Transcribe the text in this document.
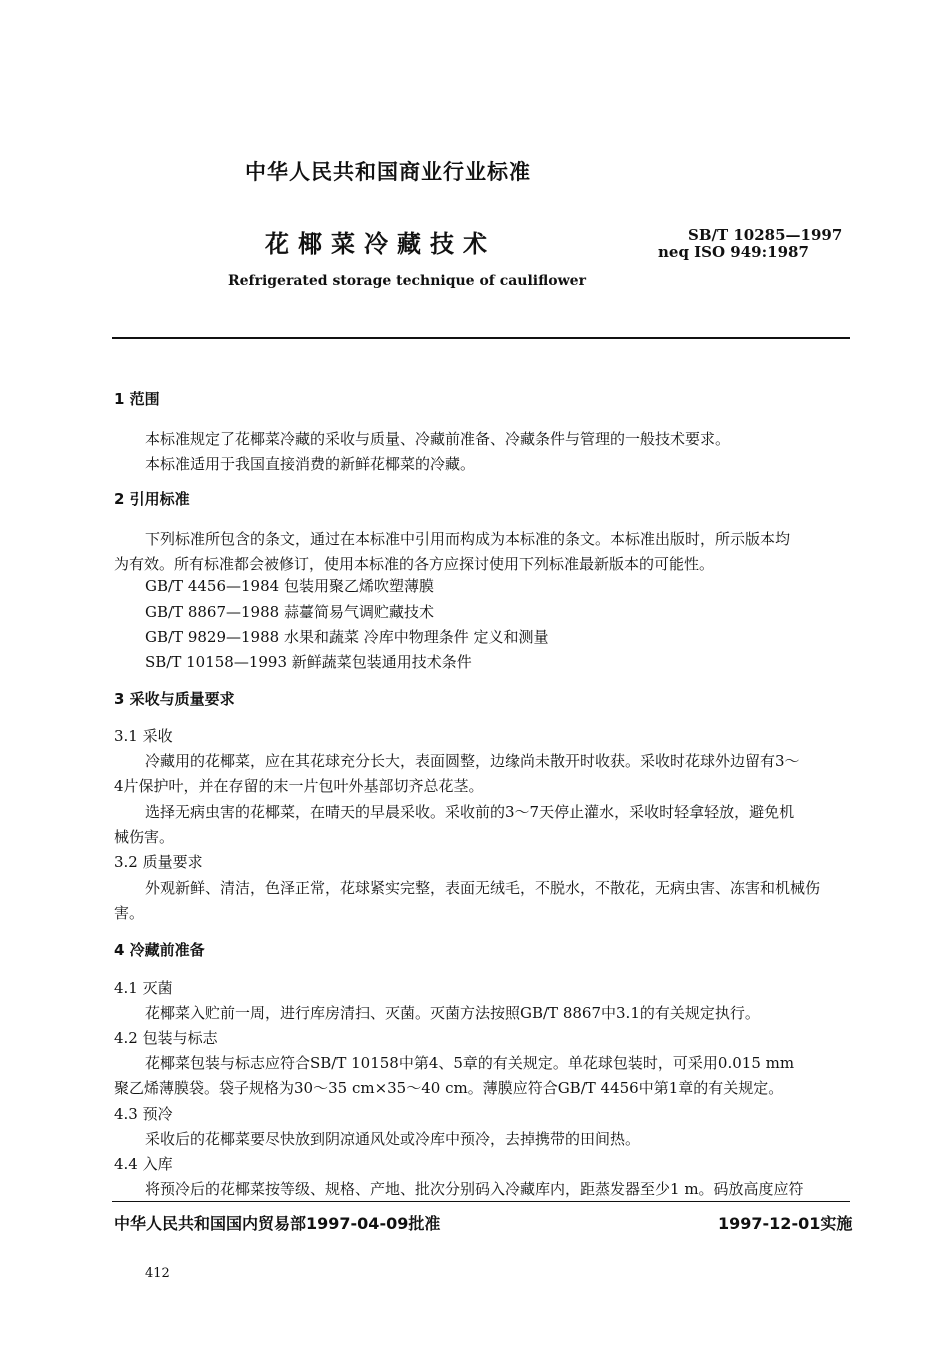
中华人民共和国商业行业标准
花椰菜冷藏技术	SB/T 10285—1997
neq ISO 949:1987
Refrigerated storage technique of cauliflower
1 范围
本标准规定了花椰菜冷藏的采收与质量、冷藏前准备、冷藏条件与管理的一般技术要求。
本标准适用于我国直接消费的新鲜花椰菜的冷藏。
2 引用标准
下列标准所包含的条文，通过在本标准中引用而构成为本标准的条文。本标准出版时，所示版本均
为有效。所有标准都会被修订，使用本标准的各方应探讨使用下列标准最新版本的可能性。
GB/T 4456—1984 包装用聚乙烯吹塑薄膜
GB/T 8867—1988 蒜薹简易气调贮藏技术
GB/T 9829—1988 水果和蔬菜 冷库中物理条件 定义和测量
SB/T 10158—1993 新鲜蔬菜包装通用技术条件
3 采收与质量要求
3.1 采收
冷藏用的花椰菜，应在其花球充分长大，表面圆整，边缘尚未散开时收获。采收时花球外边留有3～
4片保护叶，并在存留的末一片包叶外基部切齐总花茎。
选择无病虫害的花椰菜，在晴天的早晨采收。采收前的3～7天停止灌水，采收时轻拿轻放，避免机
械伤害。
3.2 质量要求
外观新鲜、清洁，色泽正常，花球紧实完整，表面无绒毛，不脱水，不散花，无病虫害、冻害和机械伤
害。
4 冷藏前准备
4.1 灭菌
花椰菜入贮前一周，进行库房清扫、灭菌。灭菌方法按照GB/T 8867中3.1的有关规定执行。
4.2 包装与标志
花椰菜包装与标志应符合SB/T 10158中第4、5章的有关规定。单花球包装时，可采用0.015 mm
聚乙烯薄膜袋。袋子规格为30～35 cm×35～40 cm。薄膜应符合GB/T 4456中第1章的有关规定。
4.3 预冷
采收后的花椰菜要尽快放到阴凉通风处或冷库中预冷，去掉携带的田间热。
4.4 入库
将预冷后的花椰菜按等级、规格、产地、批次分别码入冷藏库内，距蒸发器至少1 m。码放高度应符
中华人民共和国国内贸易部1997-04-09批准	1997-12-01实施
412
